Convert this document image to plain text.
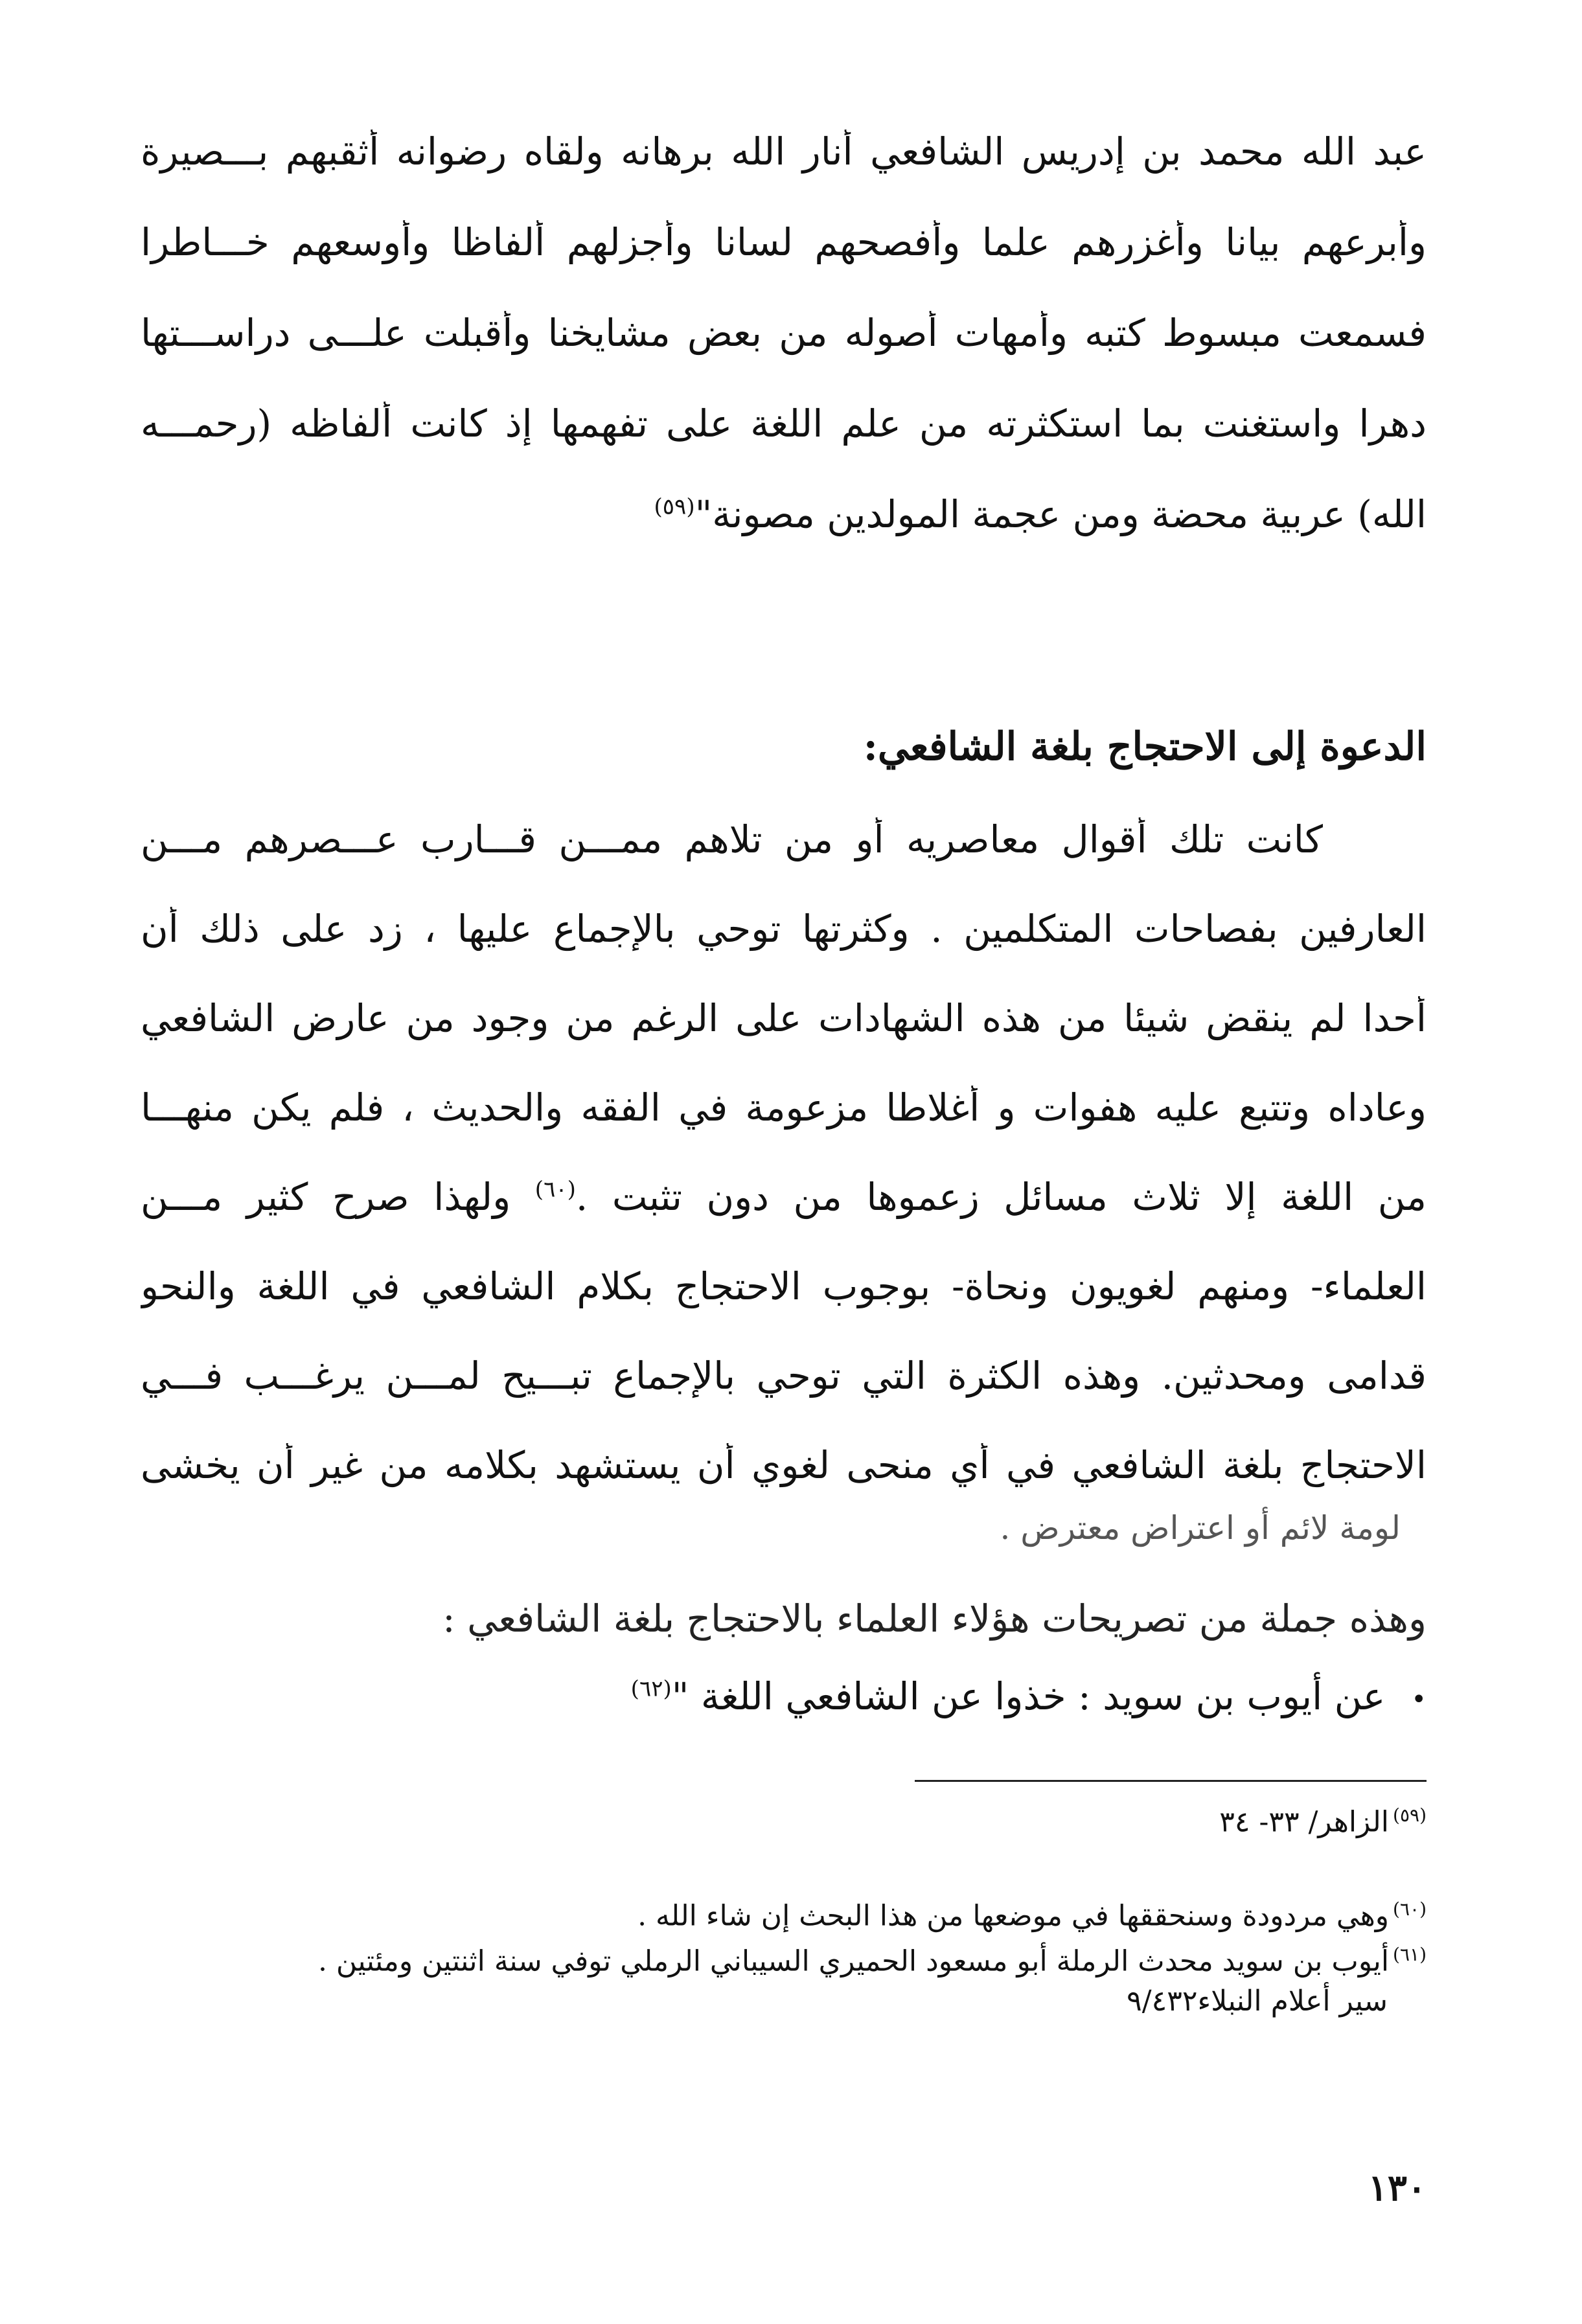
عبد الله محمد بن إدريس الشافعي أنار الله برهانه ولقاه رضوانه أثقبهم بـــصيرة
وأبرعهم بيانا وأغزرهم علما وأفصحهم لسانا وأجزلهم ألفاظا وأوسعهم خـــاطرا
فسمعت مبسوط كتبه وأمهات أصوله من بعض مشايخنا وأقبلت علـــى دراســـتها
دهرا واستغنت بما استكثرته من علم اللغة على تفهمها إذ كانت ألفاظه (رحمـــه
الله) عربية محضة ومن عجمة المولدين مصونة"$^{(٥٩)}$
الدعوة إلى الاحتجاج بلغة الشافعي:
كانت تلك أقوال معاصريه أو من تلاهم ممـــن قـــارب عـــصرهم مـــن
العارفين بفصاحات المتكلمين . وكثرتها توحي بالإجماع عليها ، زد على ذلك أن
أحدا لم ينقض شيئا من هذه الشهادات على الرغم من وجود من عارض الشافعي
وعاداه وتتبع عليه هفوات و أغلاطا مزعومة في الفقه والحديث ، فلم يكن منهـــا
من اللغة إلا ثلاث مسائل زعموها من دون تثبت .$^{(٦٠)}$ ولهذا صرح كثير مـــن
العلماء- ومنهم لغويون ونحاة- بوجوب الاحتجاج بكلام الشافعي في اللغة والنحو
قدامى ومحدثين. وهذه الكثرة التي توحي بالإجماع تبـــيح لمـــن يرغـــب فـــي
الاحتجاج بلغة الشافعي في أي منحى لغوي أن يستشهد بكلامه من غير أن يخشى
لومة لائم أو اعتراض معترض .
وهذه جملة من تصريحات هؤلاء العلماء بالاحتجاج بلغة الشافعي :
•عن أيوب بن سويد : خذوا عن الشافعي اللغة "$^{(٦٢)}$
$^{(٥٩)}$الزاهر/ ٣٣- ٣٤
$^{(٦٠)}$وهي مردودة وسنحققها في موضعها من هذا البحث إن شاء الله .
$^{(٦١)}$أيوب بن سويد محدث الرملة أبو مسعود الحميري السيباني الرملي توفي سنة اثنتين ومئتين .
سير أعلام النبلاء٩/٤٣٢
١٣٠
